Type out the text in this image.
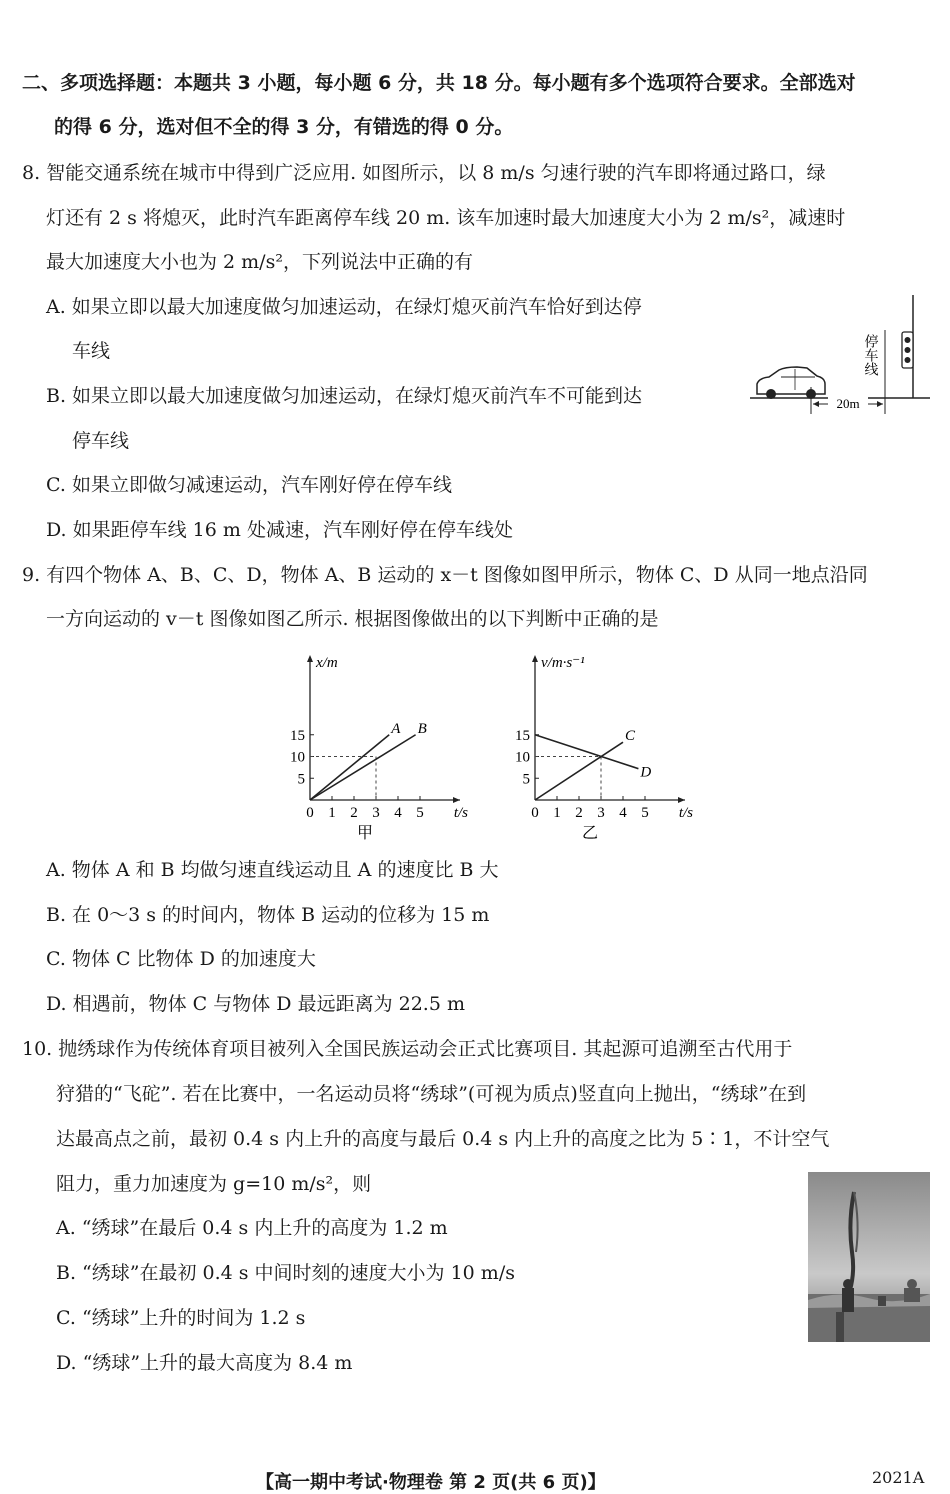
二、多项选择题：本题共 3 小题，每小题 6 分，共 18 分。每小题有多个选项符合要求。全部选对
的得 6 分，选对但不全的得 3 分，有错选的得 0 分。
8. 智能交通系统在城市中得到广泛应用. 如图所示，以 8 m/s 匀速行驶的汽车即将通过路口，绿
灯还有 2 s 将熄灭，此时汽车距离停车线 20 m. 该车加速时最大加速度大小为 2 m/s²，减速时
最大加速度大小也为 2 m/s²，下列说法中正确的有
A. 如果立即以最大加速度做匀加速运动，在绿灯熄灭前汽车恰好到达停
车线
B. 如果立即以最大加速度做匀加速运动，在绿灯熄灭前汽车不可能到达
停车线
C. 如果立即做匀减速运动，汽车刚好停在停车线
D. 如果距停车线 16 m 处减速，汽车刚好停在停车线处
20m
停车线
9. 有四个物体 A、B、C、D，物体 A、B 运动的 x－t 图像如图甲所示，物体 C、D 从同一地点沿同
一方向运动的 v－t 图像如图乙所示. 根据图像做出的以下判断中正确的是
0 1 2 3 4 5
5
10
15
t/s
x/m
A B
甲
0 1 2 3 4 5
5
10
15
t/s
v/m·s⁻¹
C
D
乙
A. 物体 A 和 B 均做匀速直线运动且 A 的速度比 B 大
B. 在 0～3 s 的时间内，物体 B 运动的位移为 15 m
C. 物体 C 比物体 D 的加速度大
D. 相遇前，物体 C 与物体 D 最远距离为 22.5 m
10. 抛绣球作为传统体育项目被列入全国民族运动会正式比赛项目. 其起源可追溯至古代用于
狩猎的“飞砣”. 若在比赛中，一名运动员将“绣球”(可视为质点)竖直向上抛出，“绣球”在到
达最高点之前，最初 0.4 s 内上升的高度与最后 0.4 s 内上升的高度之比为 5∶1，不计空气
阻力，重力加速度为 g=10 m/s²，则
A. “绣球”在最后 0.4 s 内上升的高度为 1.2 m
B. “绣球”在最初 0.4 s 中间时刻的速度大小为 10 m/s
C. “绣球”上升的时间为 1.2 s
D. “绣球”上升的最大高度为 8.4 m
【高一期中考试·物理卷 第 2 页(共 6 页)】	2021A
